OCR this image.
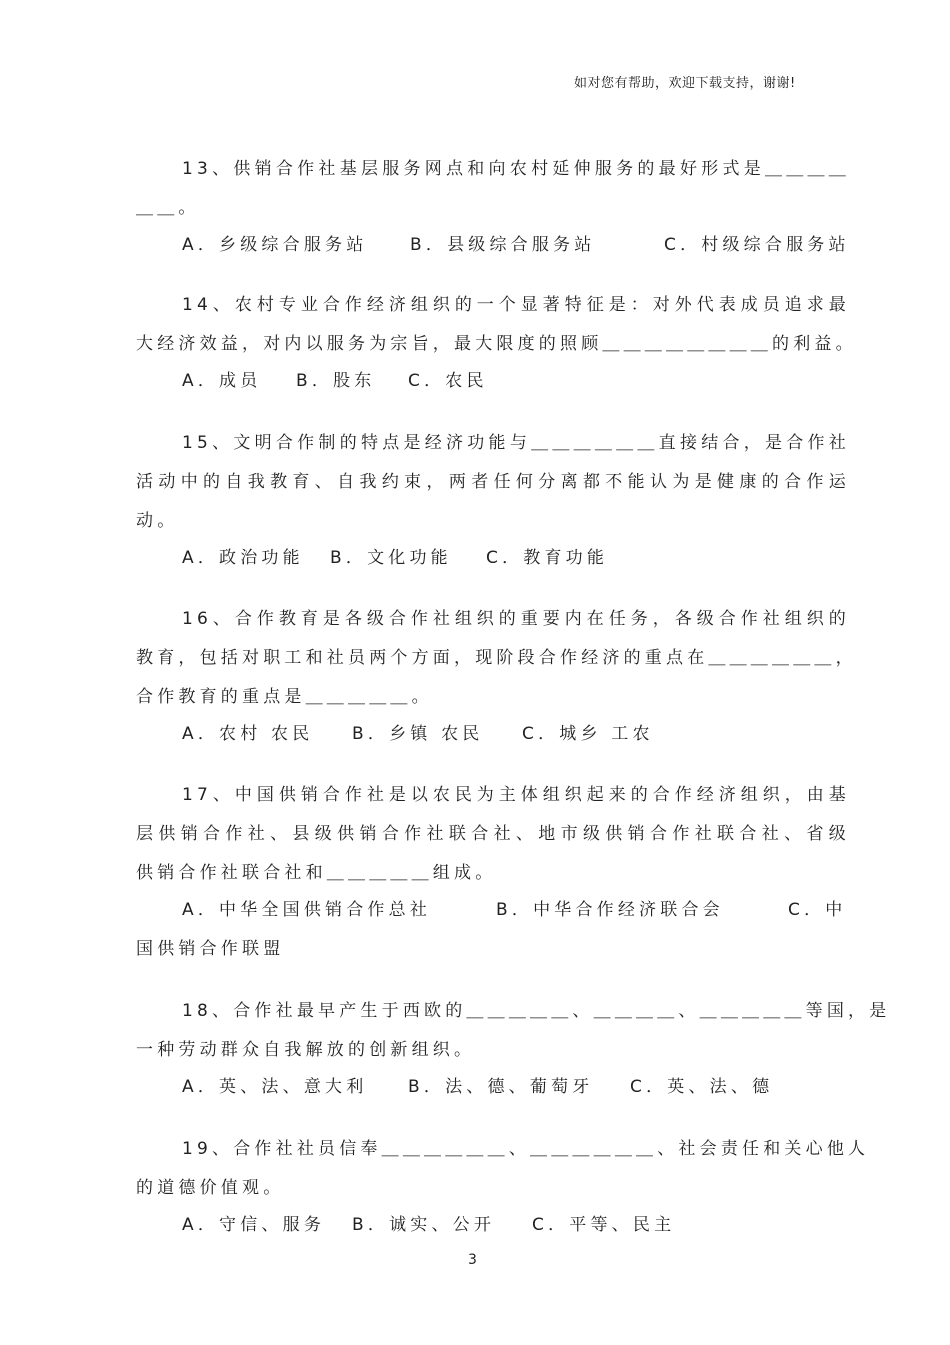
如对您有帮助，欢迎下载支持，谢谢!
13、供销合作社基层服务网点和向农村延伸服务的最好形式是＿＿＿＿
＿＿。
A．乡级综合服务站	B．县级综合服务站	C．村级综合服务站
14、农村专业合作经济组织的一个显著特征是：对外代表成员追求最
大经济效益，对内以服务为宗旨，最大限度的照顾＿＿＿＿＿＿＿＿的利益。
A．成员 B．股东 C．农民
15、文明合作制的特点是经济功能与＿＿＿＿＿＿直接结合，是合作社
活动中的自我教育、自我约束，两者任何分离都不能认为是健康的合作运
动。
A．政治功能 B．文化功能 C．教育功能
16、合作教育是各级合作社组织的重要内在任务，各级合作社组织的
教育，包括对职工和社员两个方面，现阶段合作经济的重点在＿＿＿＿＿＿，
合作教育的重点是＿＿＿＿＿。
A．农村 农民 B．乡镇 农民 C．城乡 工农
17、中国供销合作社是以农民为主体组织起来的合作经济组织，由基
层供销合作社、县级供销合作社联合社、地市级供销合作社联合社、省级
供销合作社联合社和＿＿＿＿＿组成。
A．中华全国供销合作总社	B．中华合作经济联合会	C．中
国供销合作联盟
18、合作社最早产生于西欧的＿＿＿＿＿、＿＿＿＿、＿＿＿＿＿等国，是
一种劳动群众自我解放的创新组织。
A．英、法、意大利 B．法、德、葡萄牙 C．英、法、德
19、合作社社员信奉＿＿＿＿＿＿、＿＿＿＿＿＿、社会责任和关心他人
的道德价值观。
A．守信、服务 B．诚实、公开 C．平等、民主
3
